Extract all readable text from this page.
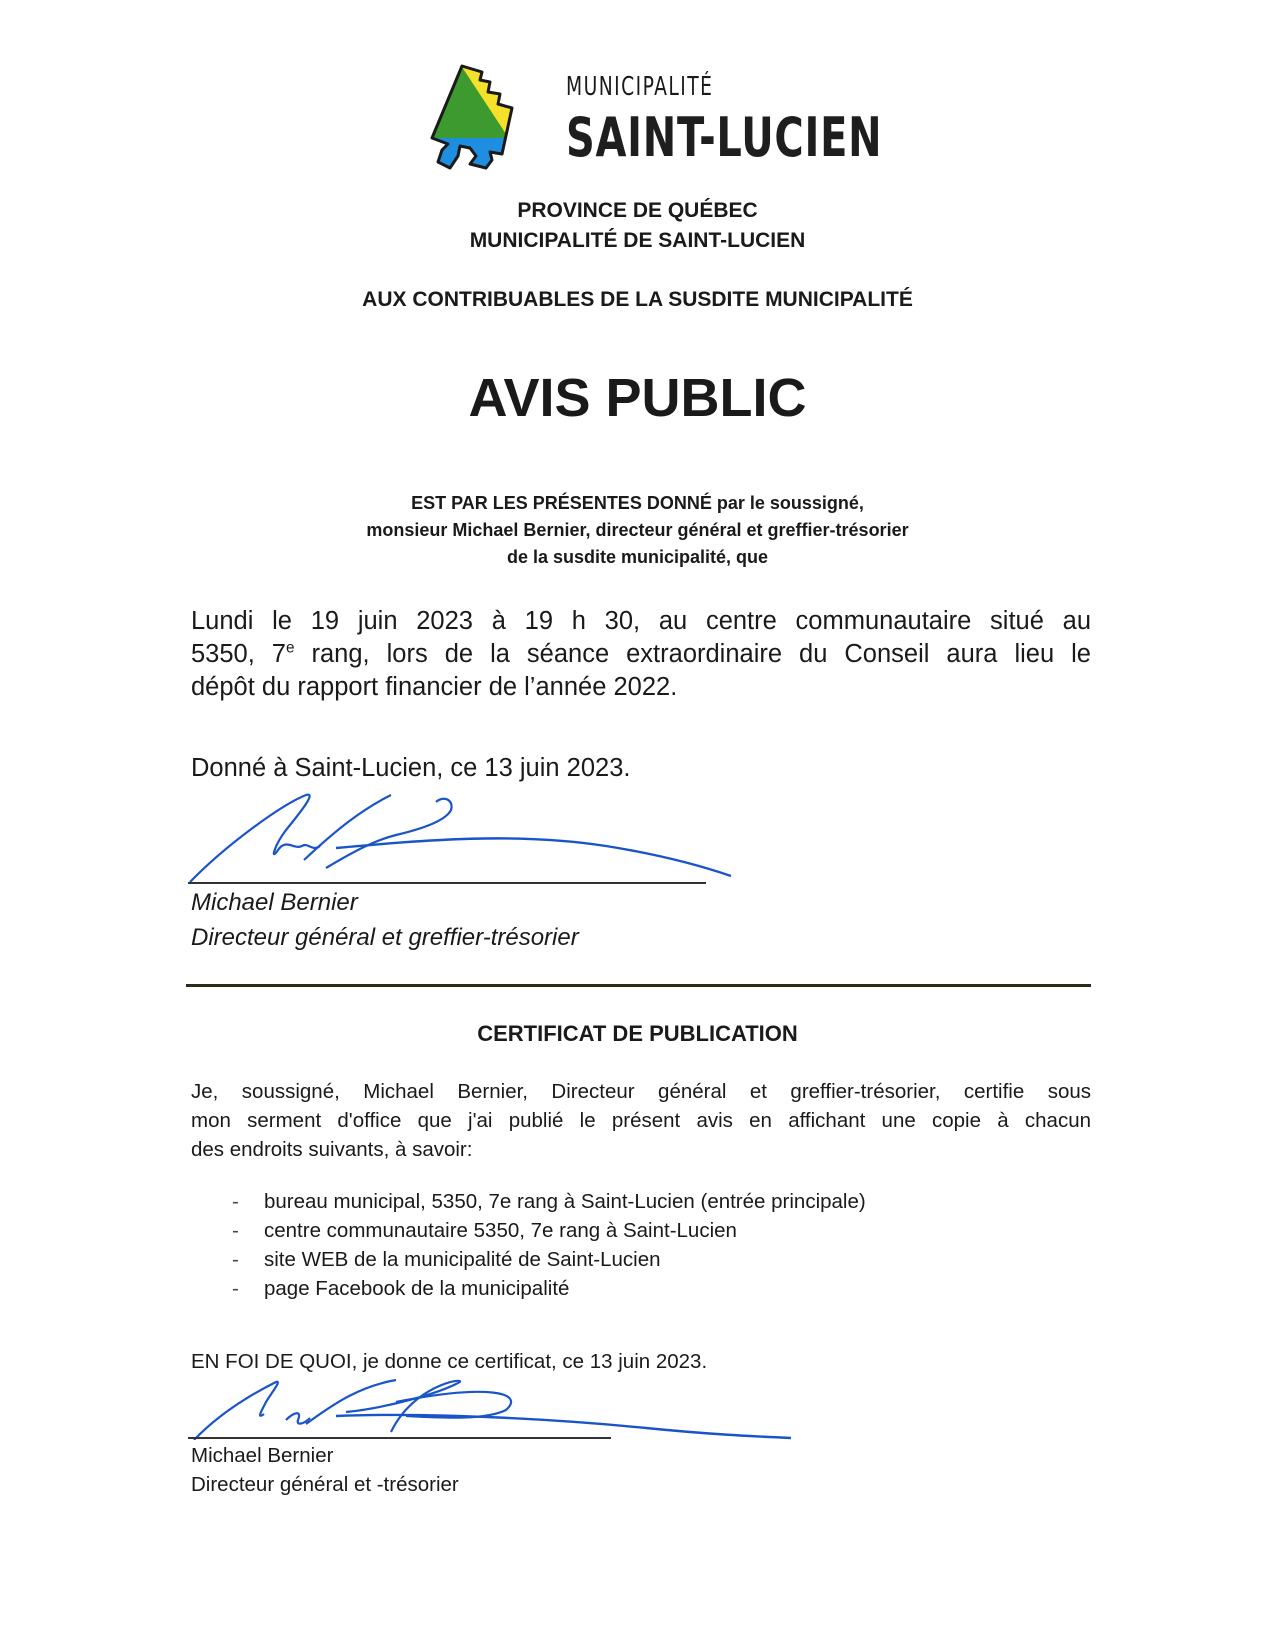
MUNICIPALITÉ
SAINT-LUCIEN
PROVINCE DE QUÉBEC
MUNICIPALITÉ DE SAINT-LUCIEN
AUX CONTRIBUABLES DE LA SUSDITE MUNICIPALITÉ
AVIS PUBLIC
EST PAR LES PRÉSENTES DONNÉ par le soussigné,
monsieur Michael Bernier, directeur général et greffier-trésorier
de la susdite municipalité, que
Lundi le 19 juin 2023 à 19 h 30, au centre communautaire situé au
5350, 7e rang, lors de la séance extraordinaire du Conseil aura lieu le
dépôt du rapport financier de l’année 2022.
Donné à Saint-Lucien, ce 13 juin 2023.
Michael Bernier
Directeur général et greffier-trésorier
CERTIFICAT DE PUBLICATION
Je, soussigné, Michael Bernier, Directeur général et greffier-trésorier, certifie sous
mon serment d'office que j'ai publié le présent avis en affichant une copie à chacun
des endroits suivants, à savoir:
- bureau municipal, 5350, 7e rang à Saint-Lucien (entrée principale)
- centre communautaire 5350, 7e rang à Saint-Lucien
- site WEB de la municipalité de Saint-Lucien
- page Facebook de la municipalité
EN FOI DE QUOI, je donne ce certificat, ce 13 juin 2023.
Michael Bernier
Directeur général et -trésorier
